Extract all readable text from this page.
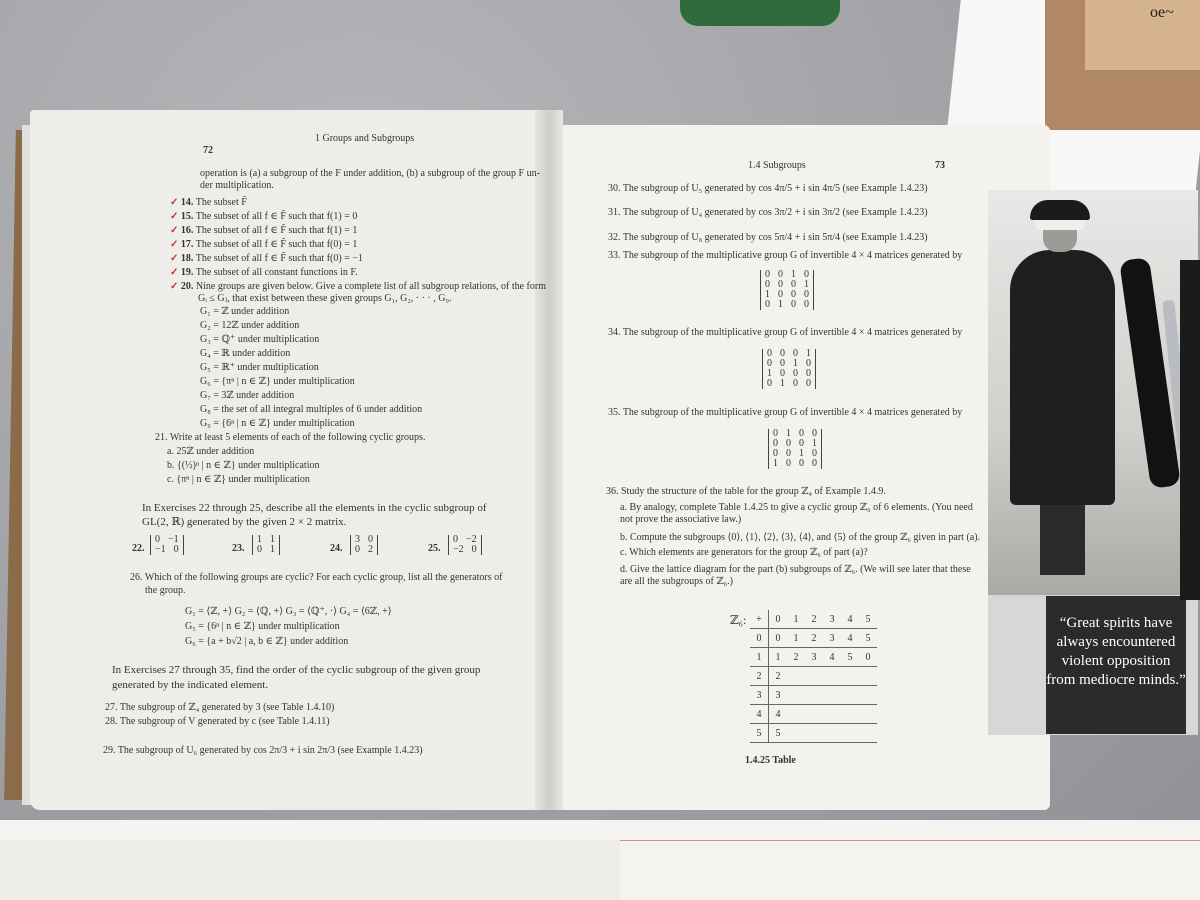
oe~
72
1 Groups and Subgroups
operation is (a) a subgroup of the F under addition, (b) a subgroup of the group F un-
der multiplication.
✓ 14. The subset F̃
✓ 15. The subset of all f ∈ F̃ such that f(1) = 0
✓ 16. The subset of all f ∈ F̃ such that f(1) = 1
✓ 17. The subset of all f ∈ F̃ such that f(0) = 1
✓ 18. The subset of all f ∈ F̃ such that f(0) = −1
✓ 19. The subset of all constant functions in F.
✓ 20. Nine groups are given below. Give a complete list of all subgroup relations, of the form
Gᵢ ≤ Gⱼ, that exist between these given groups G₁, G₂, · · · , G₉.
G₁ = ℤ under addition
G₂ = 12ℤ under addition
G₃ = ℚ⁺ under multiplication
G₄ = ℝ under addition
G₅ = ℝ⁺ under multiplication
G₆ = {πⁿ | n ∈ ℤ} under multiplication
G₇ = 3ℤ under addition
G₈ = the set of all integral multiples of 6 under addition
G₉ = {6ⁿ | n ∈ ℤ} under multiplication
21. Write at least 5 elements of each of the following cyclic groups.
a. 25ℤ under addition
b. {(½)ⁿ | n ∈ ℤ} under multiplication
c. {πⁿ | n ∈ ℤ} under multiplication
In Exercises 22 through 25, describe all the elements in the cyclic subgroup of
GL(2, ℝ) generated by the given 2 × 2 matrix.
22.
0 −1
−1 0	23.
1 1
0 1	24.
3 0
0 2	25.
0 −2
−2 0
26. Which of the following groups are cyclic? For each cyclic group, list all the generators of
the group.
G₁ = ⟨ℤ, +⟩ G₂ = ⟨ℚ, +⟩ G₃ = ⟨ℚ⁺, ·⟩ G₄ = ⟨6ℤ, +⟩
G₅ = {6ⁿ | n ∈ ℤ} under multiplication
G₆ = {a + b√2 | a, b ∈ ℤ} under addition
In Exercises 27 through 35, find the order of the cyclic subgroup of the given group
generated by the indicated element.
27. The subgroup of ℤ₄ generated by 3 (see Table 1.4.10)
28. The subgroup of V generated by c (see Table 1.4.11)
29. The subgroup of U₆ generated by cos 2π/3 + i sin 2π/3 (see Example 1.4.23)
1.4 Subgroups	73
30. The subgroup of U₅ generated by cos 4π/5 + i sin 4π/5 (see Example 1.4.23)
31. The subgroup of U₄ generated by cos 3π/2 + i sin 3π/2 (see Example 1.4.23)
32. The subgroup of U₈ generated by cos 5π/4 + i sin 5π/4 (see Example 1.4.23)
33. The subgroup of the multiplicative group G of invertible 4 × 4 matrices generated by
0 0 1 0
0 0 0 1
1 0 0 0
0 1 0 0
34. The subgroup of the multiplicative group G of invertible 4 × 4 matrices generated by
0 0 0 1
0 0 1 0
1 0 0 0
0 1 0 0
35. The subgroup of the multiplicative group G of invertible 4 × 4 matrices generated by
0 1 0 0
0 0 0 1
0 0 1 0
1 0 0 0
36. Study the structure of the table for the group ℤ₄ of Example 1.4.9.
a. By analogy, complete Table 1.4.25 to give a cyclic group ℤ₆ of 6 elements. (You need
not prove the associative law.)
b. Compute the subgroups ⟨0⟩, ⟨1⟩, ⟨2⟩, ⟨3⟩, ⟨4⟩, and ⟨5⟩ of the group ℤ₆ given in part (a).
c. Which elements are generators for the group ℤ₆ of part (a)?
d. Give the lattice diagram for the part (b) subgroups of ℤ₆. (We will see later that these
are all the subgroups of ℤ₆.)
ℤ₆: +	0	1	2	3	4	5
0	0	1	2	3	4	5
1	1	2	3	4	5	0
2	2					
3	3					
4	4					
5	5					
1.4.25 Table
“Great spirits have always encountered violent opposition from mediocre minds.”
